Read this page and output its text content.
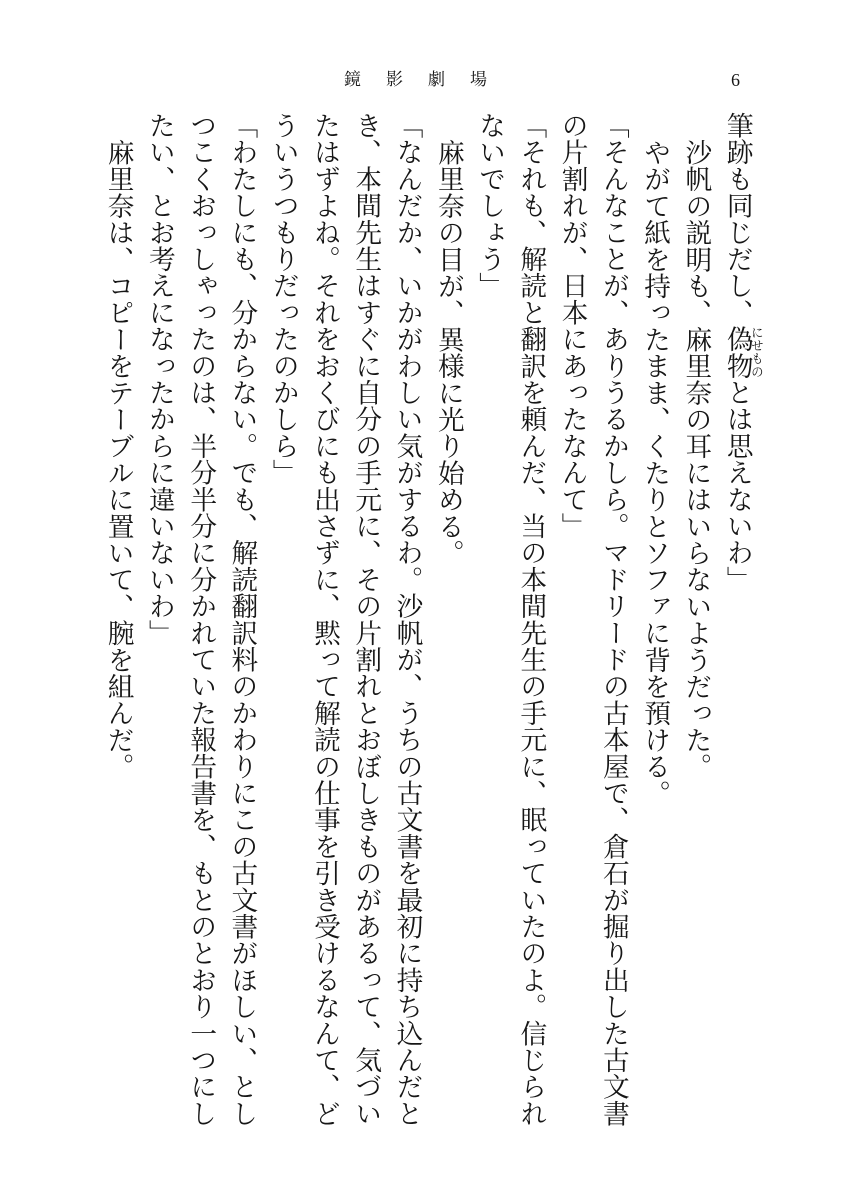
鏡影劇場	6
筆跡も同じだし、偽物
にせもの
とは思えないわ」
沙帆の説明も、麻里奈の耳にはいらないようだった。
やがて紙を持ったまま、くたりとソファに背を預ける。
「そんなことが、ありうるかしら。マドリードの古本屋で、倉石が掘り出した古文書
の片割れが、日本にあったなんて」
「それも、解読と翻訳を頼んだ、当の本間先生の手元に、眠っていたのよ。信じられ
ないでしょう」
麻里奈の目が、異様に光り始める。
「なんだか、いかがわしい気がするわ。沙帆が、うちの古文書を最初に持ち込んだと
き、本間先生はすぐに自分の手元に、その片割れとおぼしきものがあるって、気づい
たはずよね。それをおくびにも出さずに、黙って解読の仕事を引き受けるなんて、ど
ういうつもりだったのかしら」
「わたしにも、分からない。でも、解読翻訳料のかわりにこの古文書がほしい、とし
つこくおっしゃったのは、半分半分に分かれていた報告書を、もとのとおり一つにし
たい、とお考えになったからに違いないわ」
麻里奈は、コピーをテーブルに置いて、腕を組んだ。
